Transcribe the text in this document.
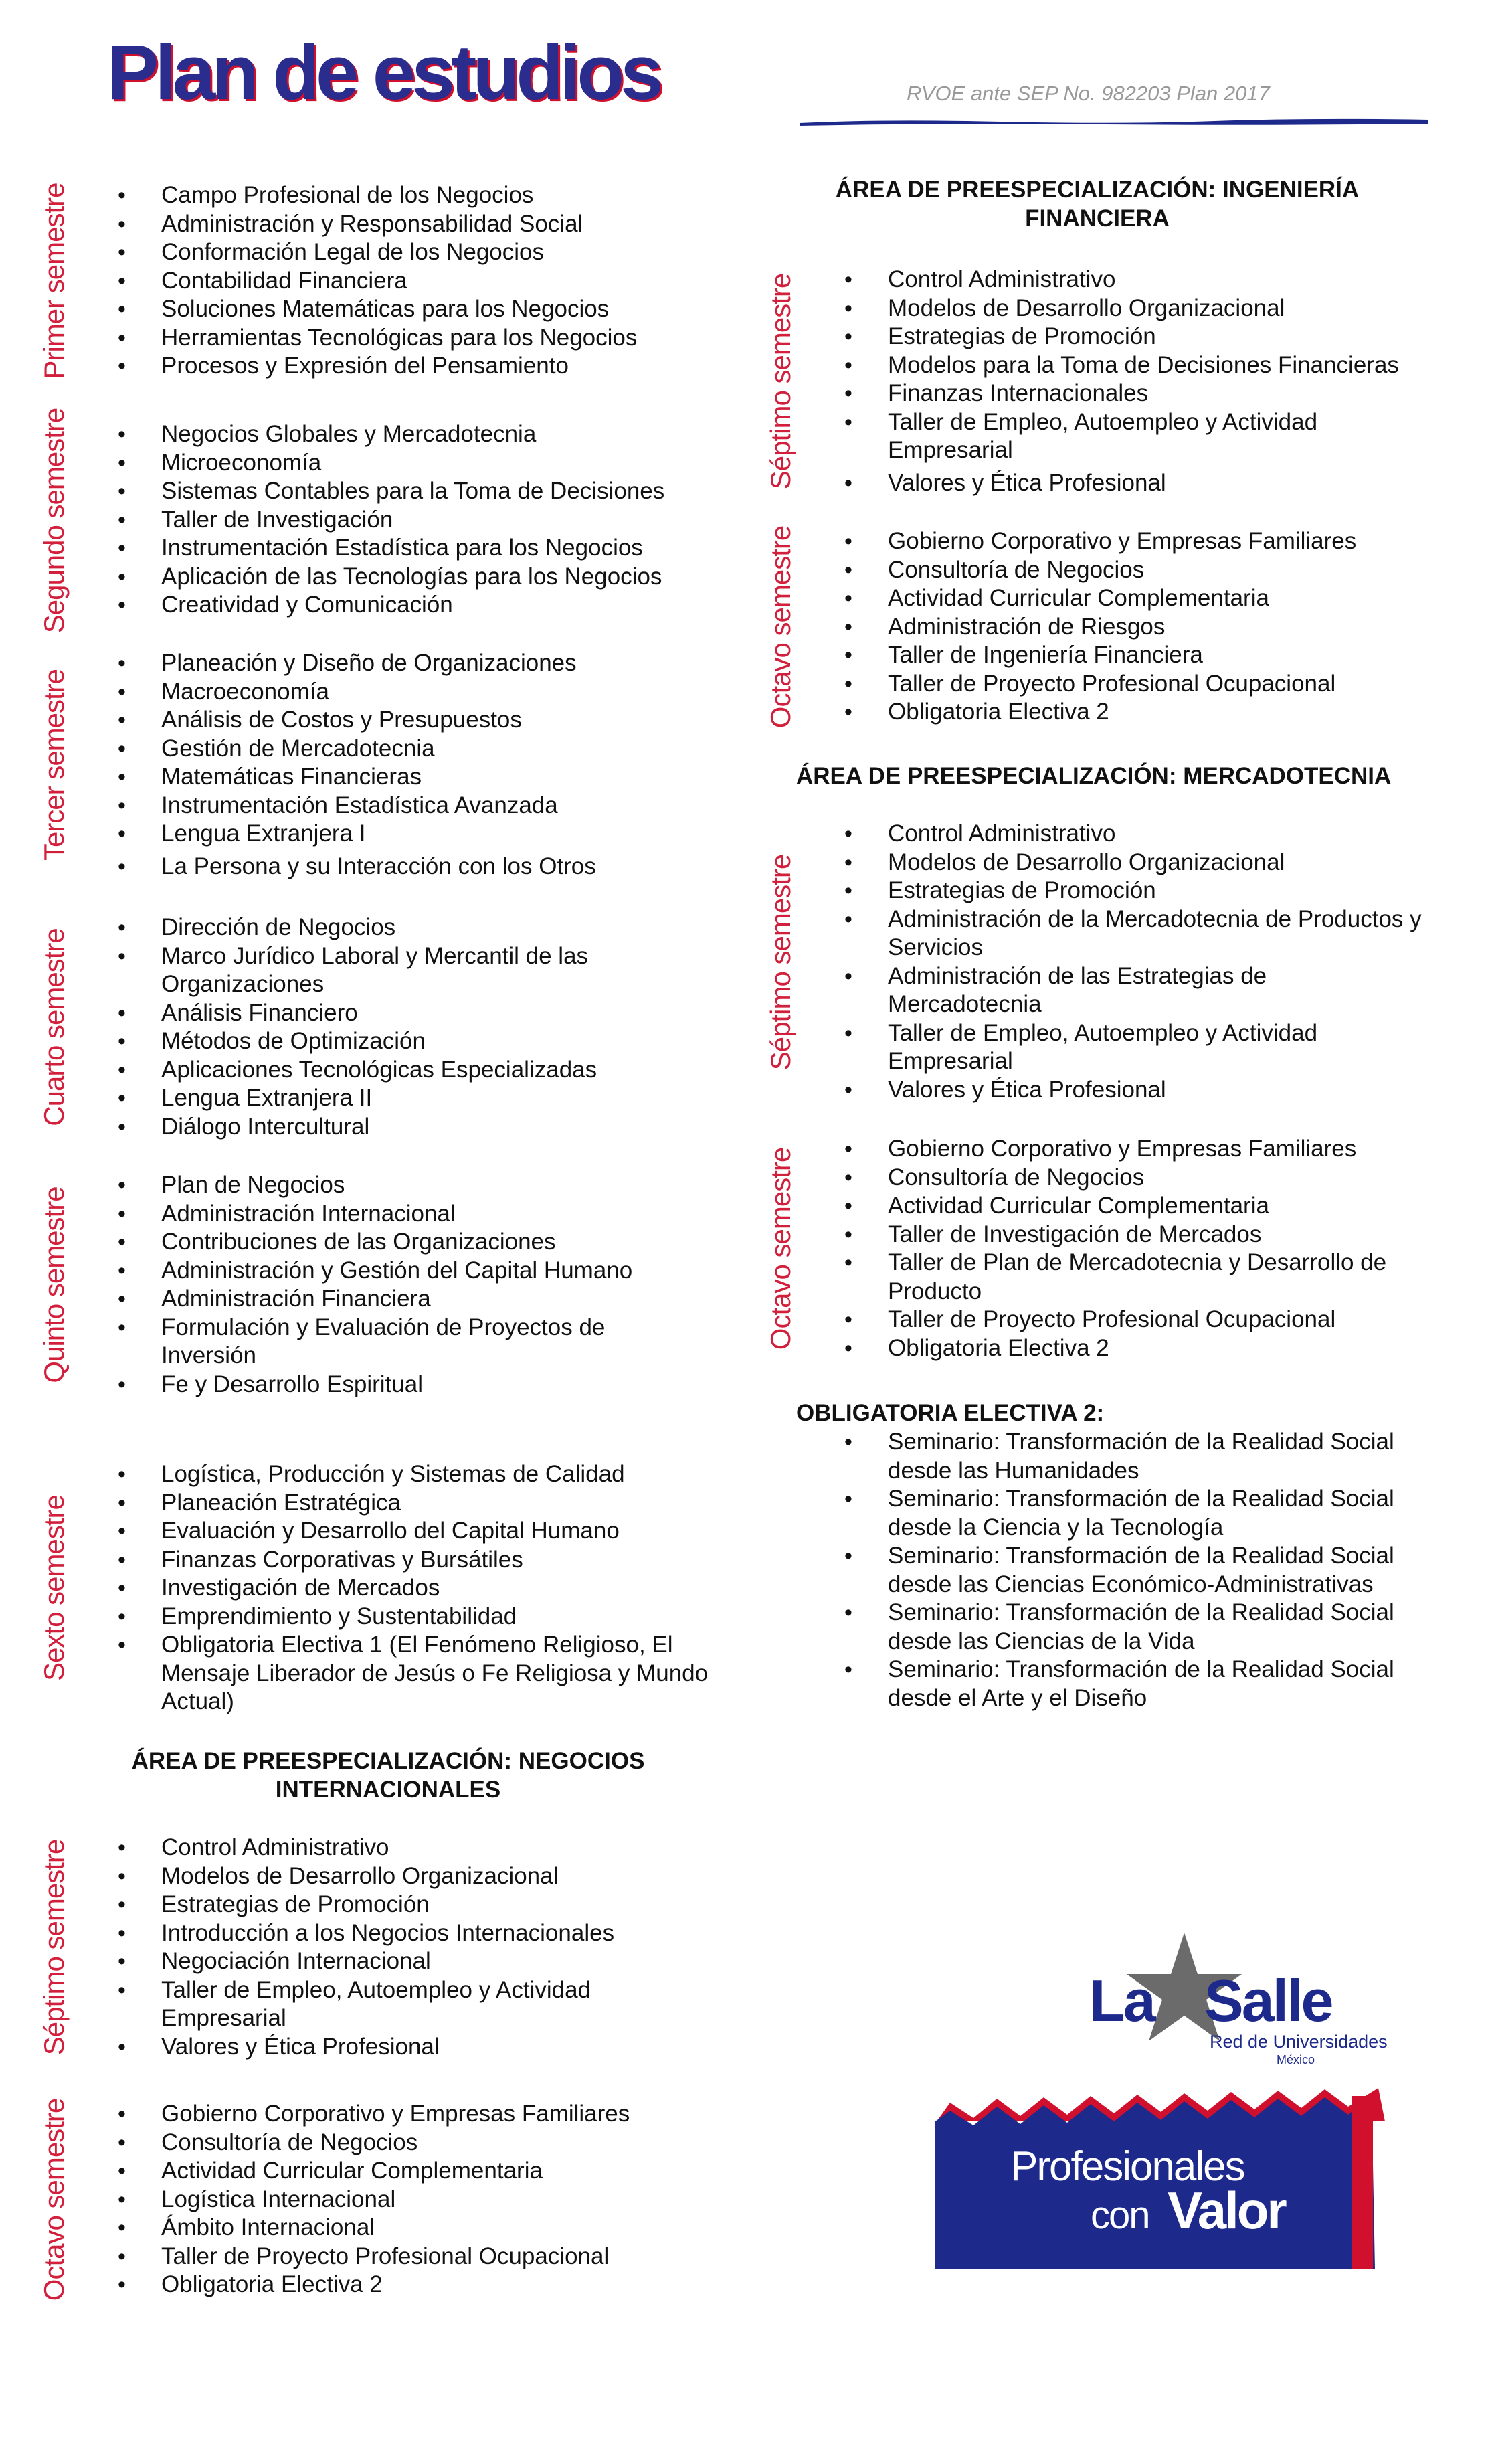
Plan de estudios	RVOE ante SEP No. 982203 Plan 2017

Primer semestre	• Campo Profesional de los Negocios
• Administración y Responsabilidad Social
• Conformación Legal de los Negocios
• Contabilidad Financiera
• Soluciones Matemáticas para los Negocios
• Herramientas Tecnológicas para los Negocios
• Procesos y Expresión del Pensamiento
Segundo semestre	• Negocios Globales y Mercadotecnia
• Microeconomía
• Sistemas Contables para la Toma de Decisiones
• Taller de Investigación
• Instrumentación Estadística para los Negocios
• Aplicación de las Tecnologías para los Negocios
• Creatividad y Comunicación
Tercer semestre
• Planeación y Diseño de Organizaciones
• Macroeconomía
• Análisis de Costos y Presupuestos
• Gestión de Mercadotecnia
• Matemáticas Financieras
• Instrumentación Estadística Avanzada
• Lengua Extranjera I
• La Persona y su Interacción con los Otros
Cuarto semestre
• Dirección de Negocios
• Marco Jurídico Laboral y Mercantil de las Organizaciones
• Análisis Financiero
• Métodos de Optimización
• Aplicaciones Tecnológicas Especializadas
• Lengua Extranjera II
• Diálogo Intercultural
Quinto semestre
• Plan de Negocios
• Administración Internacional
• Contribuciones de las Organizaciones
• Administración y Gestión del Capital Humano
• Administración Financiera
• Formulación y Evaluación de Proyectos de Inversión
• Fe y Desarrollo Espiritual
Sexto semestre
• Logística, Producción y Sistemas de Calidad
• Planeación Estratégica
• Evaluación y Desarrollo del Capital Humano
• Finanzas Corporativas y Bursátiles
• Investigación de Mercados
• Emprendimiento y Sustentabilidad
• Obligatoria Electiva 1 (El Fenómeno Religioso, El Mensaje Liberador de Jesús o Fe Religiosa y Mundo Actual)
ÁREA DE PREESPECIALIZACIÓN: NEGOCIOS INTERNACIONALES
Séptimo semestre	• Control Administrativo
• Modelos de Desarrollo Organizacional
• Estrategias de Promoción
• Introducción a los Negocios Internacionales
• Negociación Internacional
• Taller de Empleo, Autoempleo y Actividad Empresarial
• Valores y Ética Profesional
Octavo semestre	• Gobierno Corporativo y Empresas Familiares
• Consultoría de Negocios
• Actividad Curricular Complementaria
• Logística Internacional
• Ámbito Internacional
• Taller de Proyecto Profesional Ocupacional
• Obligatoria Electiva 2
ÁREA DE PREESPECIALIZACIÓN: INGENIERÍA FINANCIERA
Séptimo semestre	• Control Administrativo
• Modelos de Desarrollo Organizacional
• Estrategias de Promoción
• Modelos para la Toma de Decisiones Financieras
• Finanzas Internacionales
• Taller de Empleo, Autoempleo y Actividad Empresarial
• Valores y Ética Profesional
Octavo semestre	• Gobierno Corporativo y Empresas Familiares
• Consultoría de Negocios
• Actividad Curricular Complementaria
• Administración de Riesgos
• Taller de Ingeniería Financiera
• Taller de Proyecto Profesional Ocupacional
• Obligatoria Electiva 2
ÁREA DE PREESPECIALIZACIÓN: MERCADOTECNIA
Séptimo semestre
• Control Administrativo
• Modelos de Desarrollo Organizacional
• Estrategias de Promoción
• Administración de la Mercadotecnia de Productos y Servicios
• Administración de las Estrategias de Mercadotecnia
• Taller de Empleo, Autoempleo y Actividad Empresarial
• Valores y Ética Profesional
Octavo semestre	• Gobierno Corporativo y Empresas Familiares
• Consultoría de Negocios
• Actividad Curricular Complementaria
• Taller de Investigación de Mercados
• Taller de Plan de Mercadotecnia y Desarrollo de Producto
• Taller de Proyecto Profesional Ocupacional
• Obligatoria Electiva 2
OBLIGATORIA ELECTIVA 2:
• Seminario: Transformación de la Realidad Social desde las Humanidades
• Seminario: Transformación de la Realidad Social desde la Ciencia y la Tecnología
• Seminario: Transformación de la Realidad Social desde las Ciencias Económico-Administrativas
• Seminario: Transformación de la Realidad Social desde las Ciencias de la Vida
• Seminario: Transformación de la Realidad Social desde el Arte y el Diseño
La Salle
Red de Universidades
México
Profesionales
con Valor
